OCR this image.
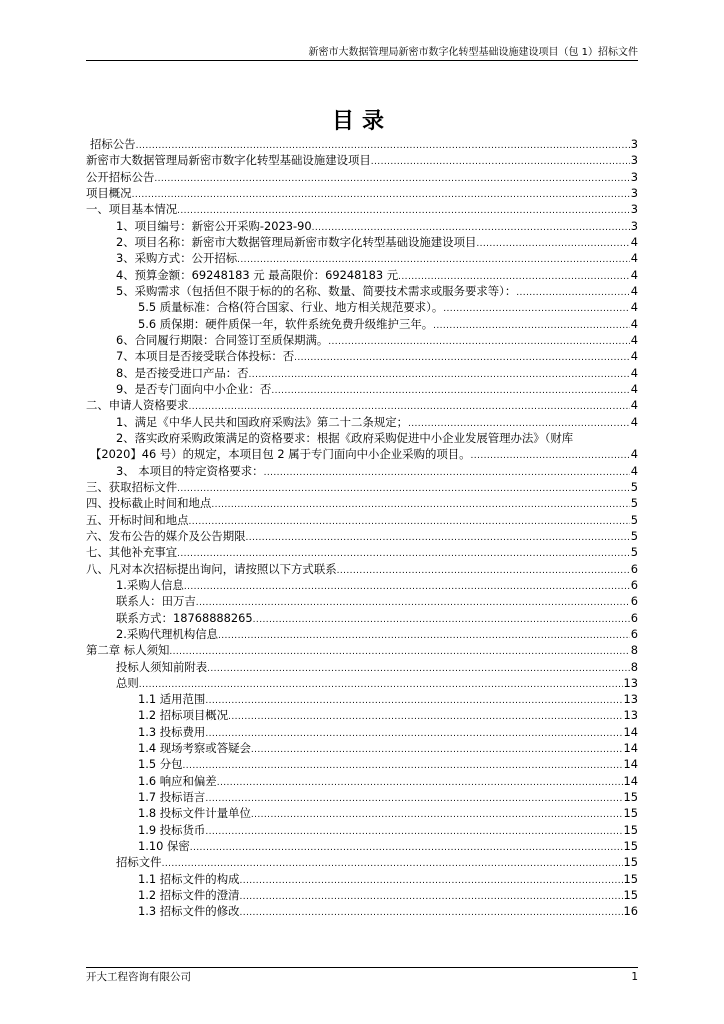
新密市大数据管理局新密市数字化转型基础设施建设项目（包 1）招标文件
目录
招标公告 .....	3
新密市大数据管理局新密市数字化转型基础设施建设项目 .....	3
公开招标公告 .....	3
项目概况 .....	3
一、项目基本情况 .....	3
1、项目编号：新密公开采购-2023-90 .....	3
2、项目名称：新密市大数据管理局新密市数字化转型基础设施建设项目 .....	4
3、采购方式：公开招标 .....	4
4、预算金额：69248183 元 最高限价：69248183 元 .....	4
5、采购需求（包括但不限于标的的名称、数量、简要技术需求或服务要求等）： .....	4
5.5 质量标准：合格(符合国家、行业、地方相关规范要求）。 .....	4
5.6 质保期：硬件质保一年，软件系统免费升级维护三年。 .....	4
6、合同履行期限：合同签订至质保期满。 .....	4
7、本项目是否接受联合体投标：否 .....	4
8、是否接受进口产品：否 .....	4
9、是否专门面向中小企业：否 .....	4
二、申请人资格要求 .....	4
1、满足《中华人民共和国政府采购法》第二十二条规定； .....	4
2、落实政府采购政策满足的资格要求：根据《政府采购促进中小企业发展管理办法》（财库
【2020】46 号）的规定，本项目包 2 属于专门面向中小企业采购的项目。 .....	4
3、 本项目的特定资格要求： .....	4
三、获取招标文件 .....	5
四、投标截止时间和地点 .....	5
五、开标时间和地点 .....	5
六、发布公告的媒介及公告期限 .....	5
七、其他补充事宜 .....	5
八、凡对本次招标提出询问，请按照以下方式联系 .....	6
1.采购人信息 .....	6
联系人：田万吉 .....	6
联系方式：18768888265 .....	6
2.采购代理机构信息 .....	6
第二章 标人须知 .....	8
投标人须知前附表 .....	8
总则 .....	13
1.1 适用范围 .....	13
1.2 招标项目概况 .....	13
1.3 投标费用 .....	14
1.4 现场考察或答疑会 .....	14
1.5 分包 .....	14
1.6 响应和偏差 .....	14
1.7 投标语言 .....	15
1.8 投标文件计量单位 .....	15
1.9 投标货币 .....	15
1.10 保密 .....	15
招标文件 .....	15
1.1 招标文件的构成 .....	15
1.2 招标文件的澄清 .....	15
1.3 招标文件的修改 .....	16
开大工程咨询有限公司	1
